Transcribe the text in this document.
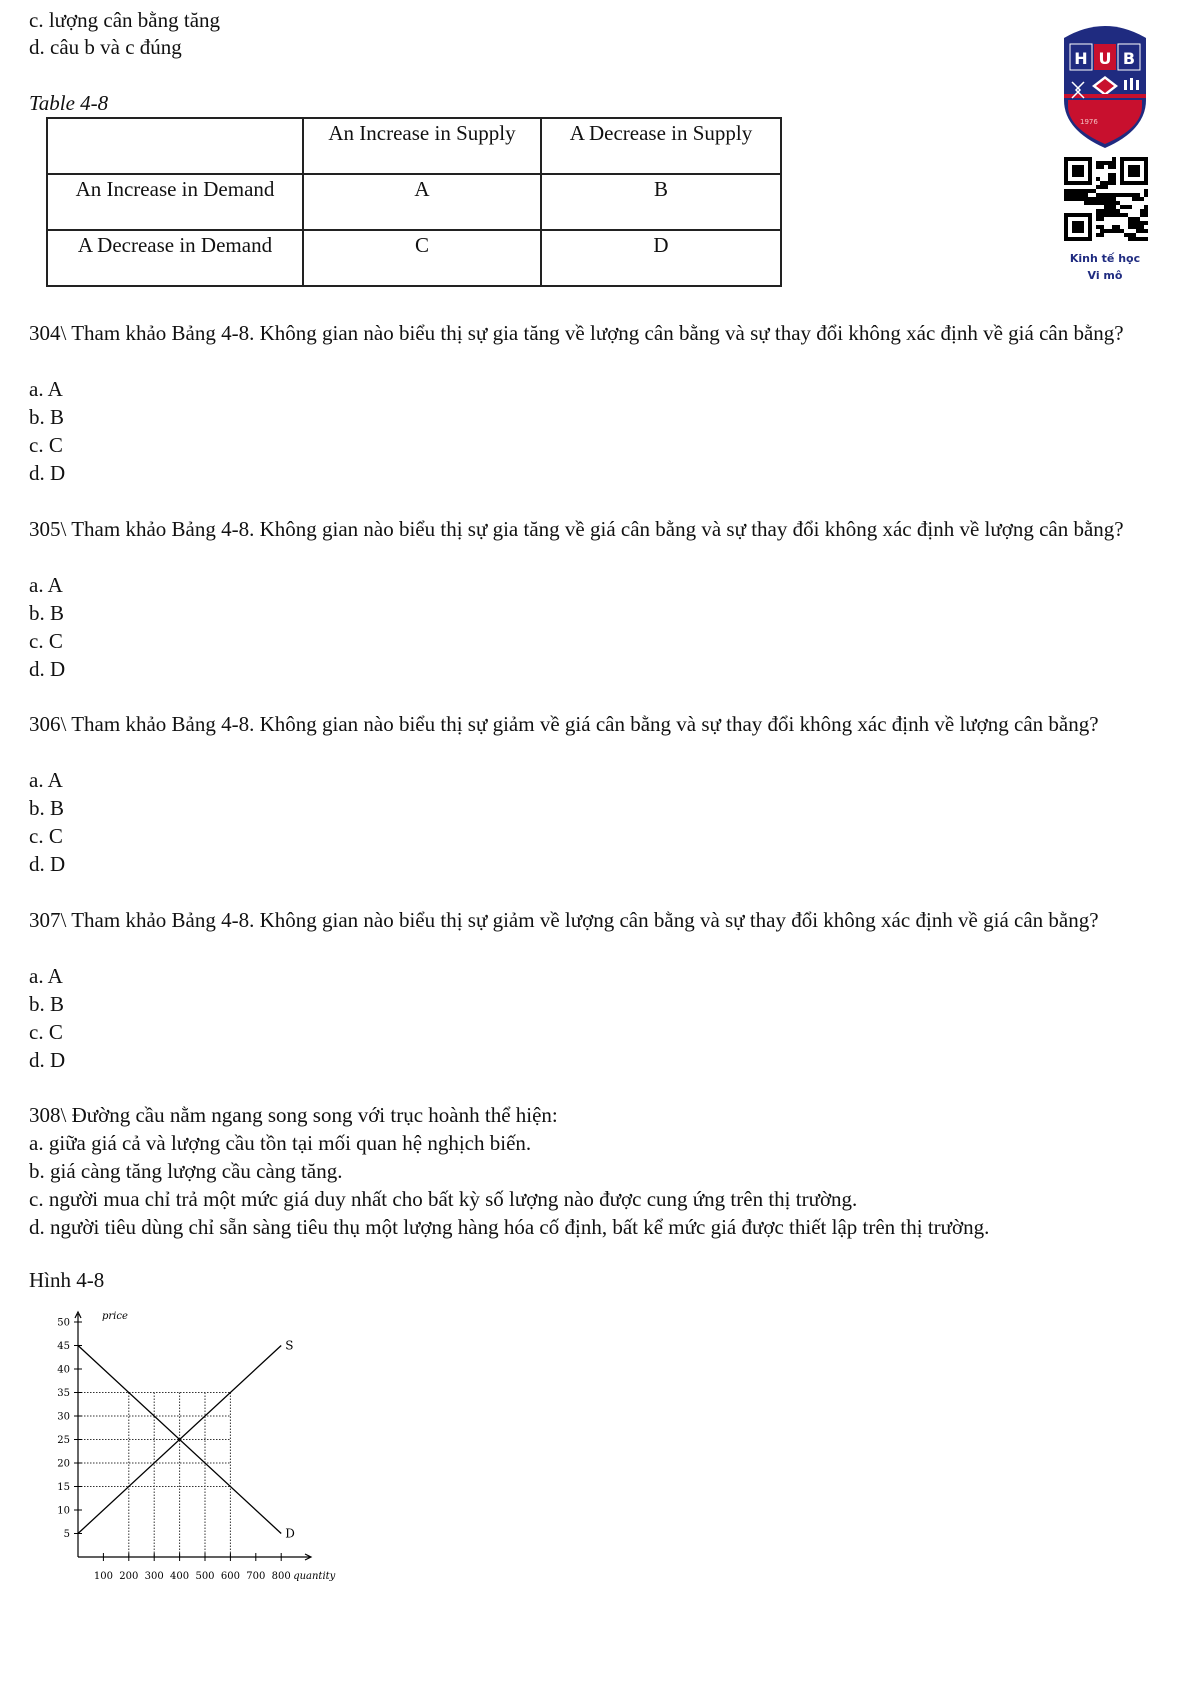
c. lượng cân bằng tăng
d. câu b và c đúng
Table 4-8
	An Increase in Supply	A Decrease in Supply
An Increase in Demand	A	B
A Decrease in Demand	C	D
H U B
1976
Kinh tế học
Vi mô
304\ Tham khảo Bảng 4-8. Không gian nào biểu thị sự gia tăng về lượng cân bằng và sự thay đổi không xác định về giá cân bằng?
a. A
b. B
c. C
d. D
305\ Tham khảo Bảng 4-8. Không gian nào biểu thị sự gia tăng về giá cân bằng và sự thay đổi không xác định về lượng cân bằng?
a. A
b. B
c. C
d. D
306\ Tham khảo Bảng 4-8. Không gian nào biểu thị sự giảm về giá cân bằng và sự thay đổi không xác định về lượng cân bằng?
a. A
b. B
c. C
d. D
307\ Tham khảo Bảng 4-8. Không gian nào biểu thị sự giảm về lượng cân bằng và sự thay đổi không xác định về giá cân bằng?
a. A
b. B
c. C
d. D
308\ Đường cầu nằm ngang song song với trục hoành thể hiện:
a. giữa giá cả và lượng cầu tồn tại mối quan hệ nghịch biến.
b. giá càng tăng lượng cầu càng tăng.
c. người mua chỉ trả một mức giá duy nhất cho bất kỳ số lượng nào được cung ứng trên thị trường.
d. người tiêu dùng chỉ sẵn sàng tiêu thụ một lượng hàng hóa cố định, bất kể mức giá được thiết lập trên thị trường.
Hình 4-8
5
10
15
20
25
30
35
40
45
50
100 200 300 400 500 600 700 800
price
quantity
S
D
